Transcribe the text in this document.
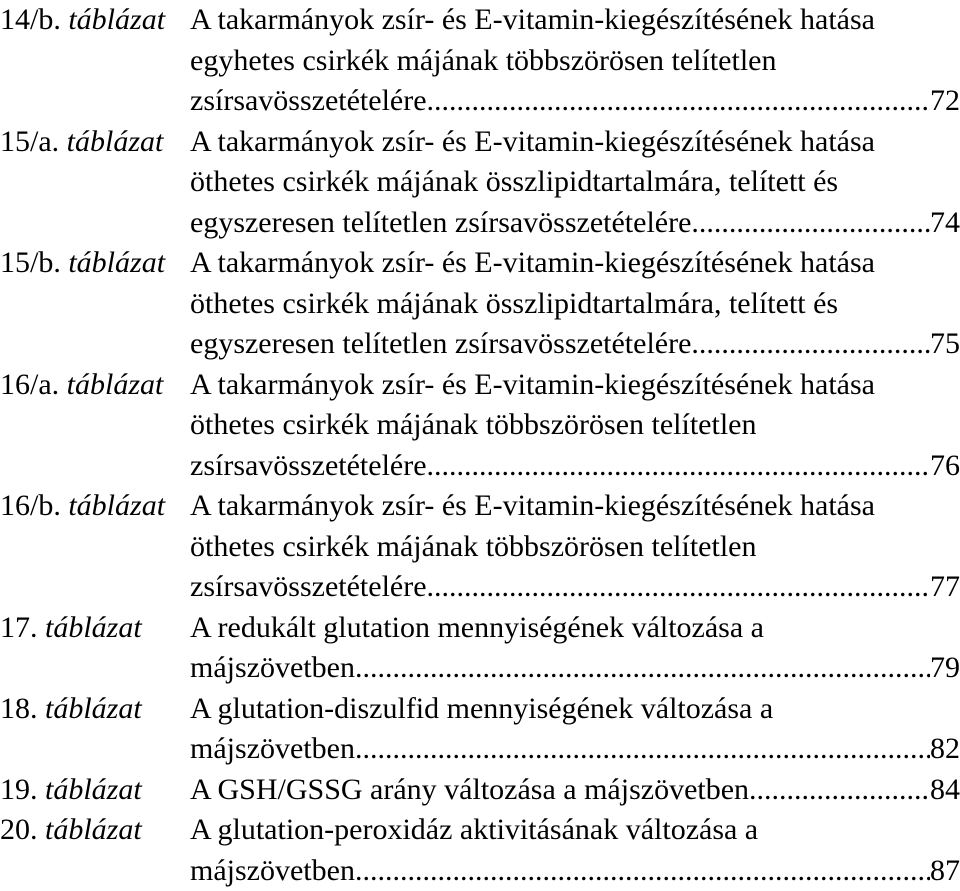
14/b. táblázat A takarmányok zsír- és E-vitamin-kiegészítésének hatása
egyhetes csirkék májának többszörösen telítetlen
zsírsavösszetételére .....	72
15/a. táblázat A takarmányok zsír- és E-vitamin-kiegészítésének hatása
öthetes csirkék májának összlipidtartalmára, telített és
egyszeresen telítetlen zsírsavösszetételére .....	74
15/b. táblázat A takarmányok zsír- és E-vitamin-kiegészítésének hatása
öthetes csirkék májának összlipidtartalmára, telített és
egyszeresen telítetlen zsírsavösszetételére .....	75
16/a. táblázat A takarmányok zsír- és E-vitamin-kiegészítésének hatása
öthetes csirkék májának többszörösen telítetlen
zsírsavösszetételére .....	76
16/b. táblázat A takarmányok zsír- és E-vitamin-kiegészítésének hatása
öthetes csirkék májának többszörösen telítetlen
zsírsavösszetételére .....	77
17. táblázat	A redukált glutation mennyiségének változása a
májszövetben .....	79
18. táblázat	A glutation-diszulfid mennyiségének változása a
májszövetben .....	82
19. táblázat	A GSH/GSSG arány változása a májszövetben .....	84
20. táblázat	A glutation-peroxidáz aktivitásának változása a
májszövetben .....	87
